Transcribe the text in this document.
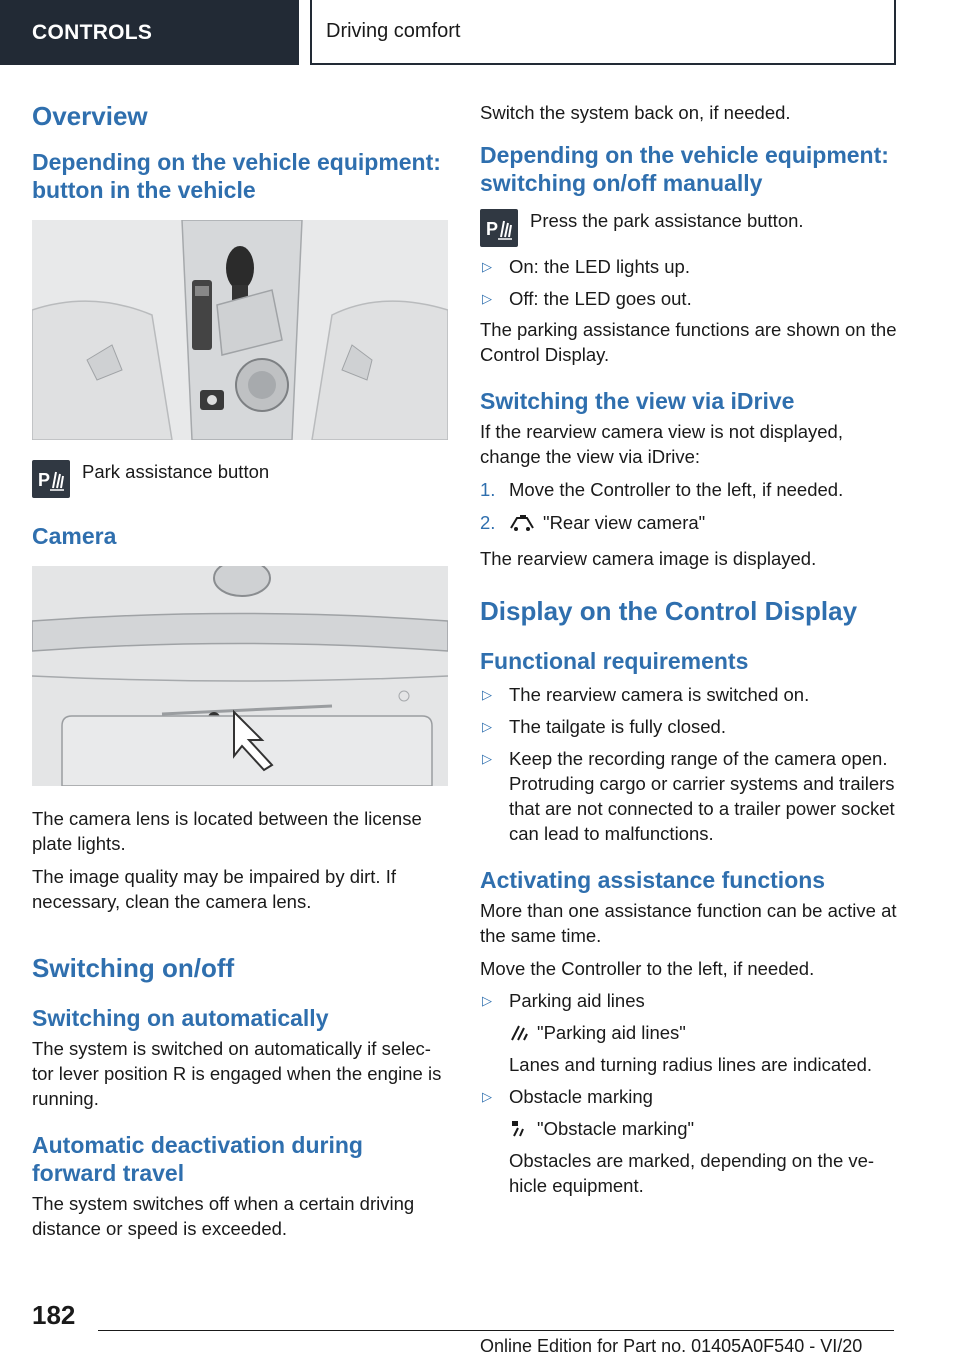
CONTROLS	Driving comfort
Overview
Depending on the vehicle equipment: button in the vehicle
P Park assistance button
Camera

The camera lens is located between the license plate lights.

The image quality may be impaired by dirt. If necessary, clean the camera lens.

Switching on/off
Switching on automatically

The system is switched on automatically if selec‐tor lever position R is engaged when the engine is running.

Automatic deactivation during forward travel

The system switches off when a certain driving distance or speed is exceeded.

Switch the system back on, if needed.

Depending on the vehicle equipment: switching on/off manually
P Press the park assistance button.
▷ On: the LED lights up.
▷ Off: the LED goes out.

The parking assistance functions are shown on the Control Display.

Switching the view via iDrive

If the rearview camera view is not displayed, change the view via iDrive:

1. Move the Controller to the left, if needed.
2.	"Rear view camera"

The rearview camera image is displayed.

Display on the Control Display
Functional requirements
▷ The rearview camera is switched on.
▷ The tailgate is fully closed.
▷ Keep the recording range of the camera open. Protruding cargo or carrier systems and trailers that are not connected to a trailer power socket can lead to malfunctions.
Activating assistance functions

More than one assistance function can be active at the same time.

Move the Controller to the left, if needed.

▷ Parking aid lines
"Parking aid lines"
Lanes and turning radius lines are indicated.
▷ Obstacle marking
"Obstacle marking"
Obstacles are marked, depending on the ve‐hicle equipment.
182
Online Edition for Part no. 01405A0F540 - VI/20
